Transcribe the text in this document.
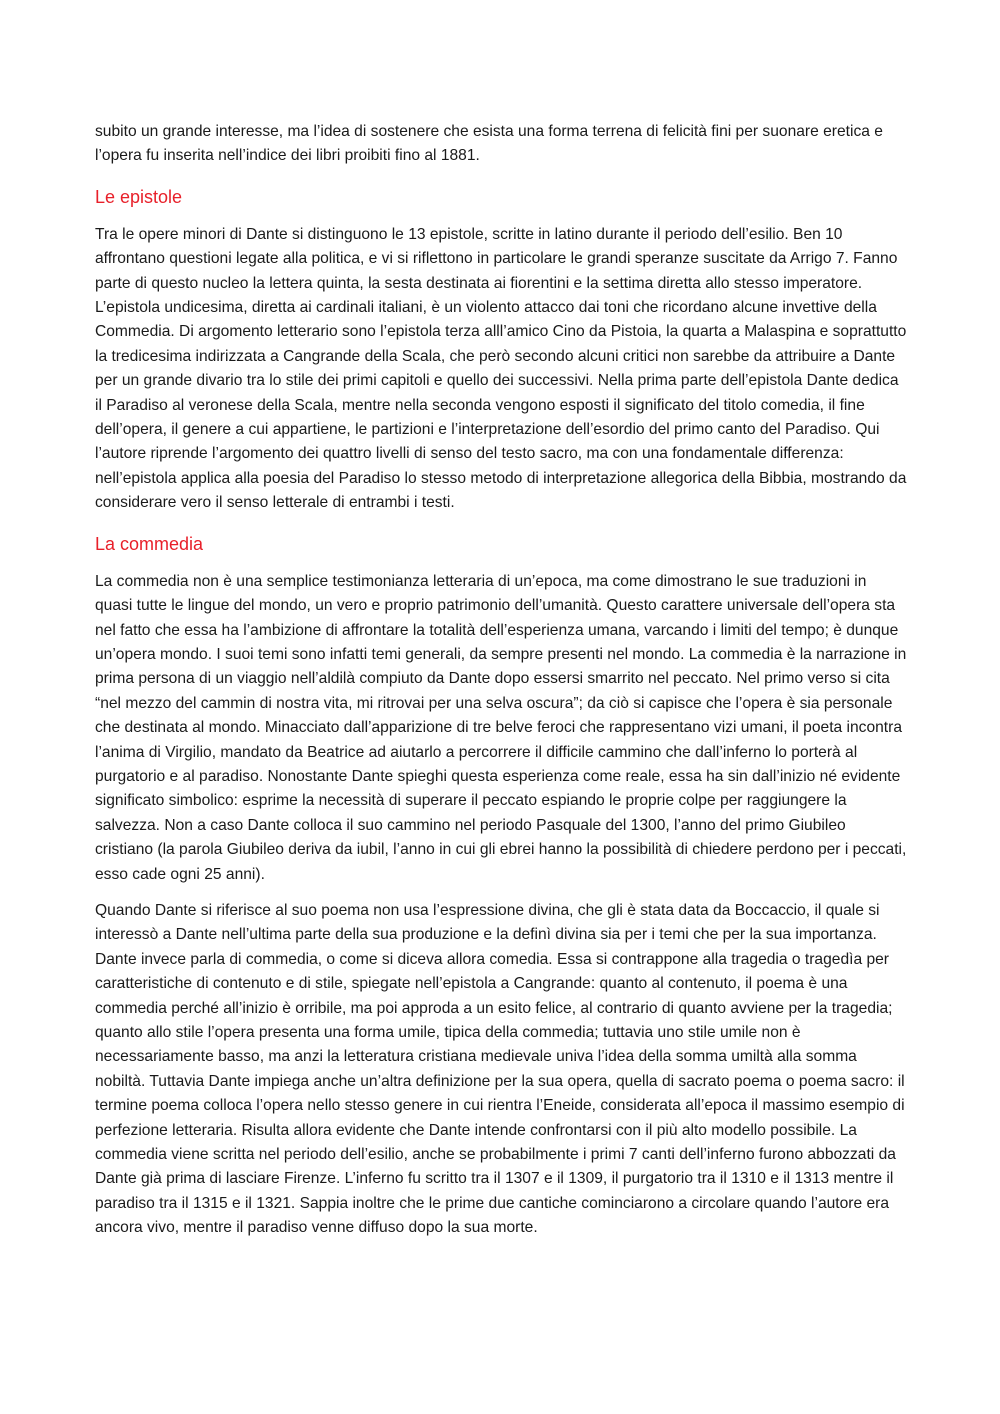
subito un grande interesse, ma l’idea di sostenere che esista una forma terrena di felicità fini per suonare eretica e l’opera fu inserita nell’indice dei libri proibiti fino al 1881.

Le epistole

Tra le opere minori di Dante si distinguono le 13 epistole, scritte in latino durante il periodo dell’esilio. Ben 10 affrontano questioni legate alla politica, e vi si riflettono in particolare le grandi speranze suscitate da Arrigo 7. Fanno parte di questo nucleo la lettera quinta, la sesta destinata ai fiorentini e la settima diretta allo stesso imperatore. L’epistola undicesima, diretta ai cardinali italiani, è un violento attacco dai toni che ricordano alcune invettive della Commedia. Di argomento letterario sono l’epistola terza alll’amico Cino da Pistoia, la quarta a Malaspina e soprattutto la tredicesima indirizzata a Cangrande della Scala, che però secondo alcuni critici non sarebbe da attribuire a Dante per un grande divario tra lo stile dei primi capitoli e quello dei successivi. Nella prima parte dell’epistola Dante dedica il Paradiso al veronese della Scala, mentre nella seconda vengono esposti il significato del titolo comedia, il fine dell’opera, il genere a cui appartiene, le partizioni e l’interpretazione dell’esordio del primo canto del Paradiso. Qui l’autore riprende l’argomento dei quattro livelli di senso del testo sacro, ma con una fondamentale differenza: nell’epistola applica alla poesia del Paradiso lo stesso metodo di interpretazione allegorica della Bibbia, mostrando da considerare vero il senso letterale di entrambi i testi.

La commedia

La commedia non è una semplice testimonianza letteraria di un’epoca, ma come dimostrano le sue traduzioni in quasi tutte le lingue del mondo, un vero e proprio patrimonio dell’umanità. Questo carattere universale dell’opera sta nel fatto che essa ha l’ambizione di affrontare la totalità dell’esperienza umana, varcando i limiti del tempo; è dunque un’opera mondo. I suoi temi sono infatti temi generali, da sempre presenti nel mondo. La commedia è la narrazione in prima persona di un viaggio nell’aldilà compiuto da Dante dopo essersi smarrito nel peccato. Nel primo verso si cita “nel mezzo del cammin di nostra vita, mi ritrovai per una selva oscura”; da ciò si capisce che l’opera è sia personale che destinata al mondo. Minacciato dall’apparizione di tre belve feroci che rappresentano vizi umani, il poeta incontra l’anima di Virgilio, mandato da Beatrice ad aiutarlo a percorrere il difficile cammino che dall’inferno lo porterà al purgatorio e al paradiso. Nonostante Dante spieghi questa esperienza come reale, essa ha sin dall’inizio né evidente significato simbolico: esprime la necessità di superare il peccato espiando le proprie colpe per raggiungere la salvezza. Non a caso Dante colloca il suo cammino nel periodo Pasquale del 1300, l’anno del primo Giubileo cristiano (la parola Giubileo deriva da iubil, l’anno in cui gli ebrei hanno la possibilità di chiedere perdono per i peccati, esso cade ogni 25 anni).

Quando Dante si riferisce al suo poema non usa l’espressione divina, che gli è stata data da Boccaccio, il quale si interessò a Dante nell’ultima parte della sua produzione e la definì divina sia per i temi che per la sua importanza. Dante invece parla di commedia, o come si diceva allora comedia. Essa si contrappone alla tragedia o tragedìa per caratteristiche di contenuto e di stile, spiegate nell’epistola a Cangrande: quanto al contenuto, il poema è una commedia perché all’inizio è orribile, ma poi approda a un esito felice, al contrario di quanto avviene per la tragedia; quanto allo stile l’opera presenta una forma umile, tipica della commedia; tuttavia uno stile umile non è necessariamente basso, ma anzi la letteratura cristiana medievale univa l’idea della somma umiltà alla somma nobiltà. Tuttavia Dante impiega anche un’altra definizione per la sua opera, quella di sacrato poema o poema sacro: il termine poema colloca l’opera nello stesso genere in cui rientra l’Eneide, considerata all’epoca il massimo esempio di perfezione letteraria. Risulta allora evidente che Dante intende confrontarsi con il più alto modello possibile. La commedia viene scritta nel periodo dell’esilio, anche se probabilmente i primi 7 canti dell’inferno furono abbozzati da Dante già prima di lasciare Firenze. L’inferno fu scritto tra il 1307 e il 1309, il purgatorio tra il 1310 e il 1313 mentre il paradiso tra il 1315 e il 1321. Sappia inoltre che le prime due cantiche cominciarono a circolare quando l’autore era ancora vivo, mentre il paradiso venne diffuso dopo la sua morte.
